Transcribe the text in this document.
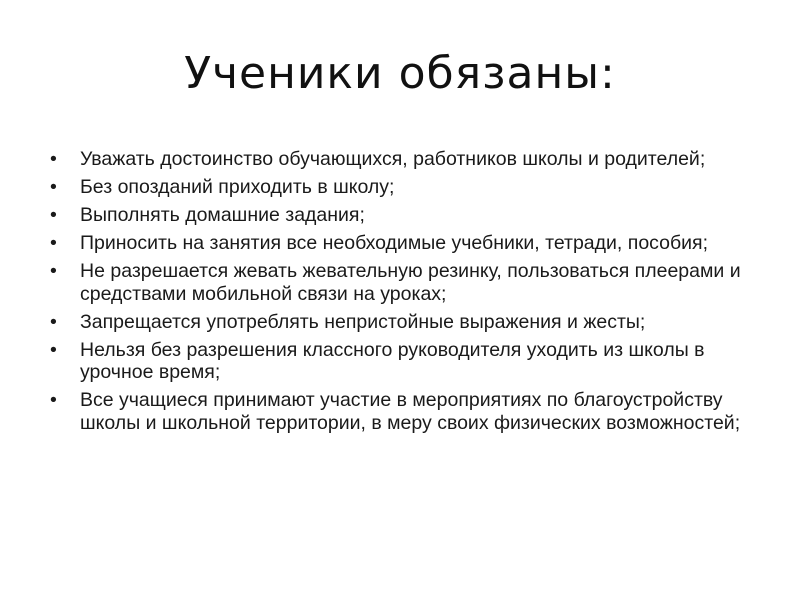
Ученики обязаны:
•	Уважать достоинство обучающихся, работников школы и родителей;
•	Без опозданий приходить в школу;
•	Выполнять домашние задания;
•	Приносить на занятия все необходимые учебники, тетради, пособия;
•	Не разрешается жевать жевательную резинку, пользоваться плеерами и средствами мобильной связи на уроках;
•	Запрещается употреблять непристойные выражения и жесты;
•	Нельзя без разрешения классного руководителя уходить из школы в урочное время;
•	Все учащиеся принимают участие в мероприятиях по благоустройству школы и школьной территории, в меру своих физических возможностей;
